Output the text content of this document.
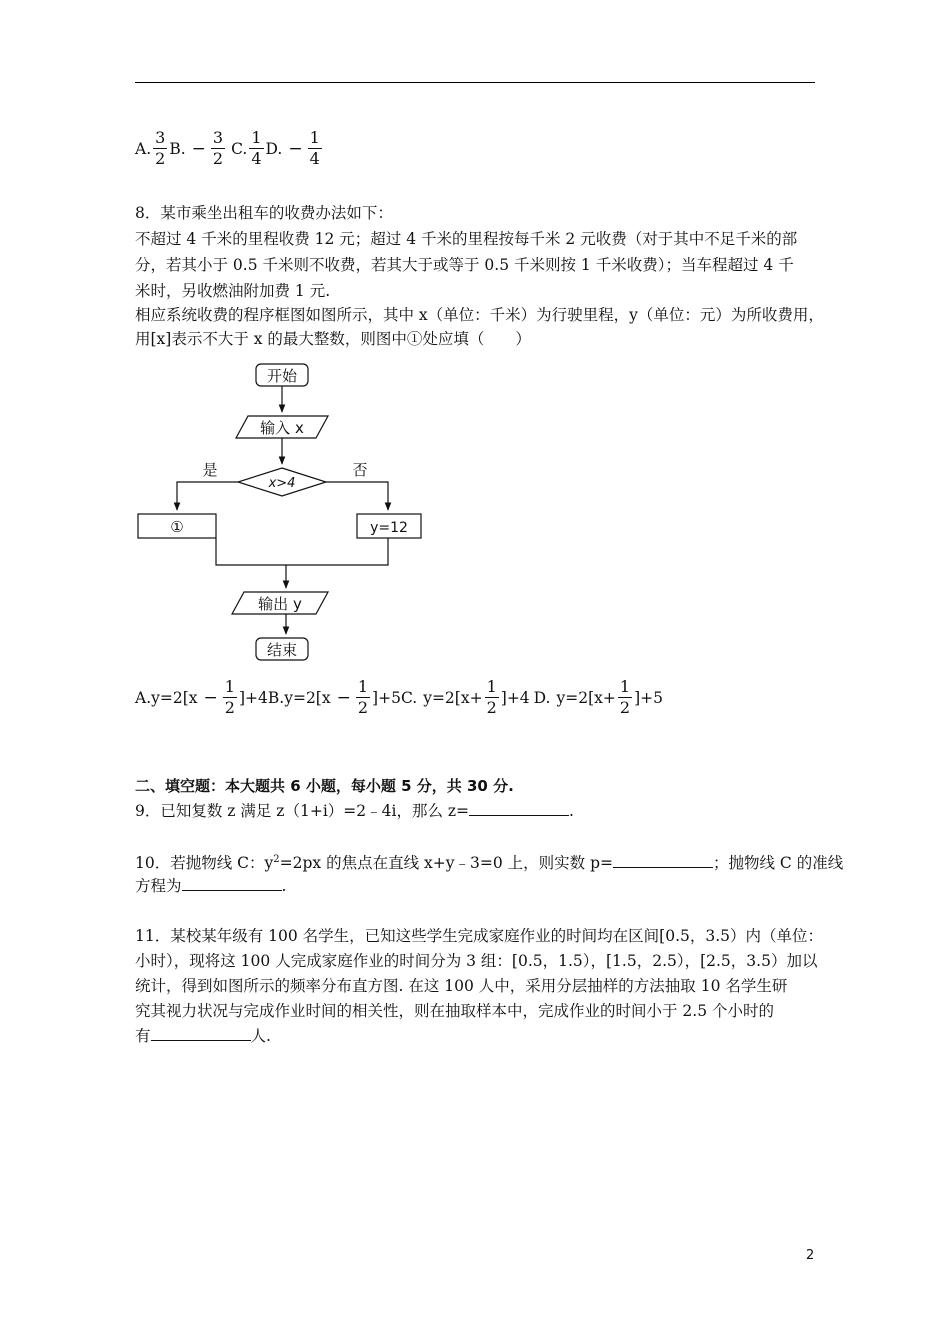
A. $\frac{3}{2} B$. − $\frac{3}{2} C$. $\frac{1}{4} D$. − $\frac{1}{4}$
8．某市乘坐出租车的收费办法如下：
不超过 4 千米的里程收费 12 元；超过 4 千米的里程按每千米 2 元收费（对于其中不足千米的部
分，若其小于 0.5 千米则不收费，若其大于或等于 0.5 千米则按 1 千米收费）；当车程超过 4 千
米时，另收燃油附加费 1 元.
相应系统收费的程序框图如图所示，其中 x（单位：千米）为行驶里程，y（单位：元）为所收费用，
用[x]表示不大于 x 的最大整数，则图中①处应填（　　）
开始
输入 x
是	否
x>4
①	y=12
输出 y
结束
A. $y=2[x - \frac{1}{2} ]+4$ B. $y=2[x - \frac{1}{2} ]+5$ C. $y=2[x+ \frac{1}{2} ]+4$ D. $y=2[x+ \frac{1}{2} ]+5$
二、填空题：本大题共 6 小题，每小题 5 分，共 30 分.
9．已知复数 z 满足 z（1+i）=2﹣4i，那么 z=	.
10．若抛物线 C：$y^2=2px$ 的焦点在直线 x+y﹣3=0 上，则实数 p=	；抛物线 C 的准线
方程为	.
11．某校某年级有 100 名学生，已知这些学生完成家庭作业的时间均在区间[0.5，3.5）内（单位：
小时），现将这 100 人完成家庭作业的时间分为 3 组：[0.5，1.5），[1.5，2.5），[2.5，3.5）加以
统计，得到如图所示的频率分布直方图. 在这 100 人中，采用分层抽样的方法抽取 10 名学生研
究其视力状况与完成作业时间的相关性，则在抽取样本中，完成作业的时间小于 2.5 个小时的
有	人.
2
